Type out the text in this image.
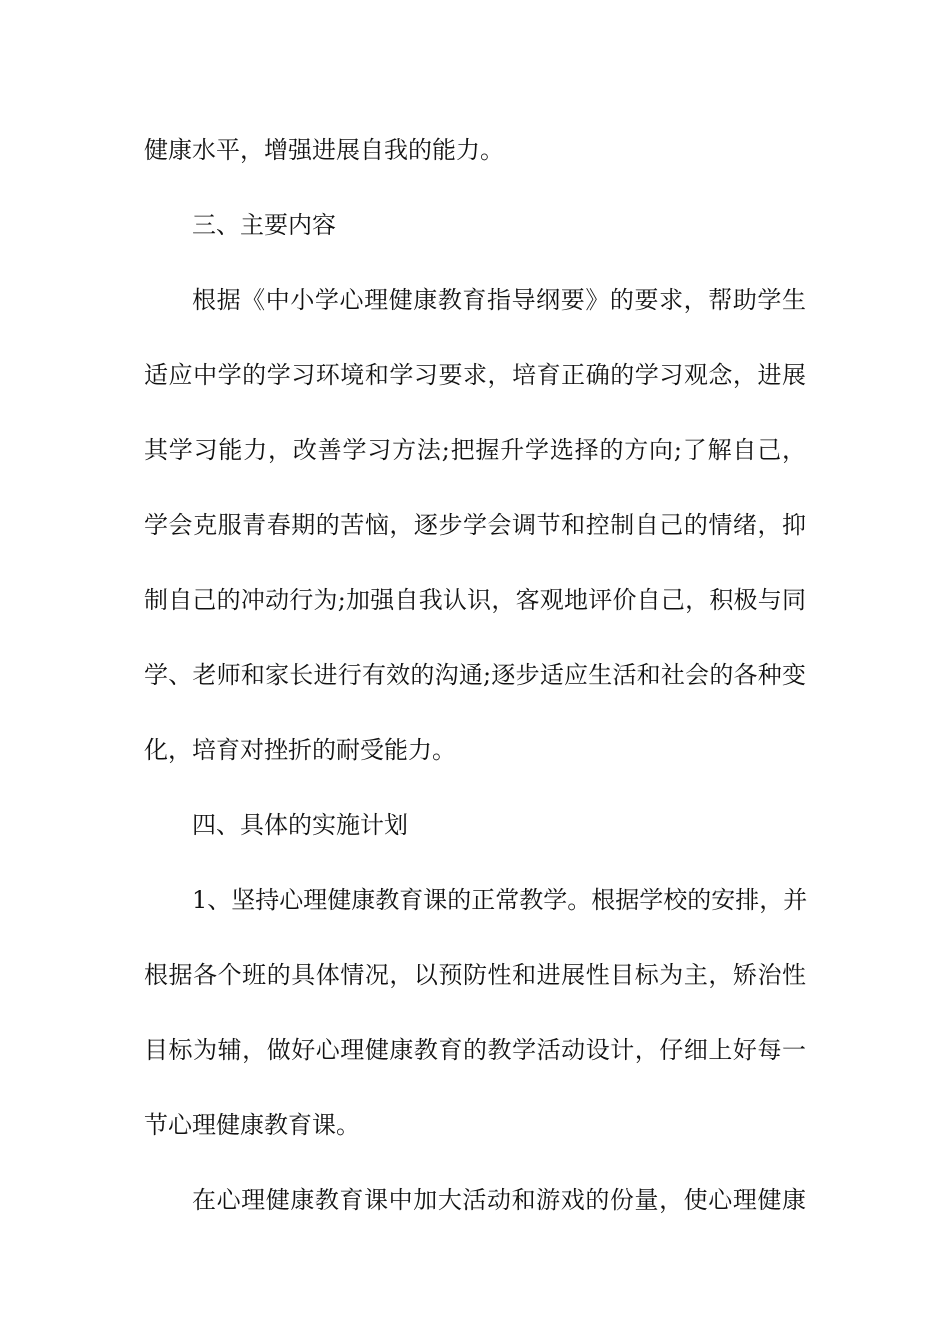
健康水平，增强进展自我的能力。

三、主要内容

根据《中小学心理健康教育指导纲要》的要求，帮助学生

适应中学的学习环境和学习要求，培育正确的学习观念，进展

其学习能力，改善学习方法;把握升学选择的方向;了解自己，

学会克服青春期的苦恼，逐步学会调节和控制自己的情绪，抑

制自己的冲动行为;加强自我认识，客观地评价自己，积极与同

学、老师和家长进行有效的沟通;逐步适应生活和社会的各种变

化，培育对挫折的耐受能力。

四、具体的实施计划

1、坚持心理健康教育课的正常教学。根据学校的安排，并

根据各个班的具体情况，以预防性和进展性目标为主，矫治性

目标为辅，做好心理健康教育的教学活动设计，仔细上好每一

节心理健康教育课。

在心理健康教育课中加大活动和游戏的份量，使心理健康
